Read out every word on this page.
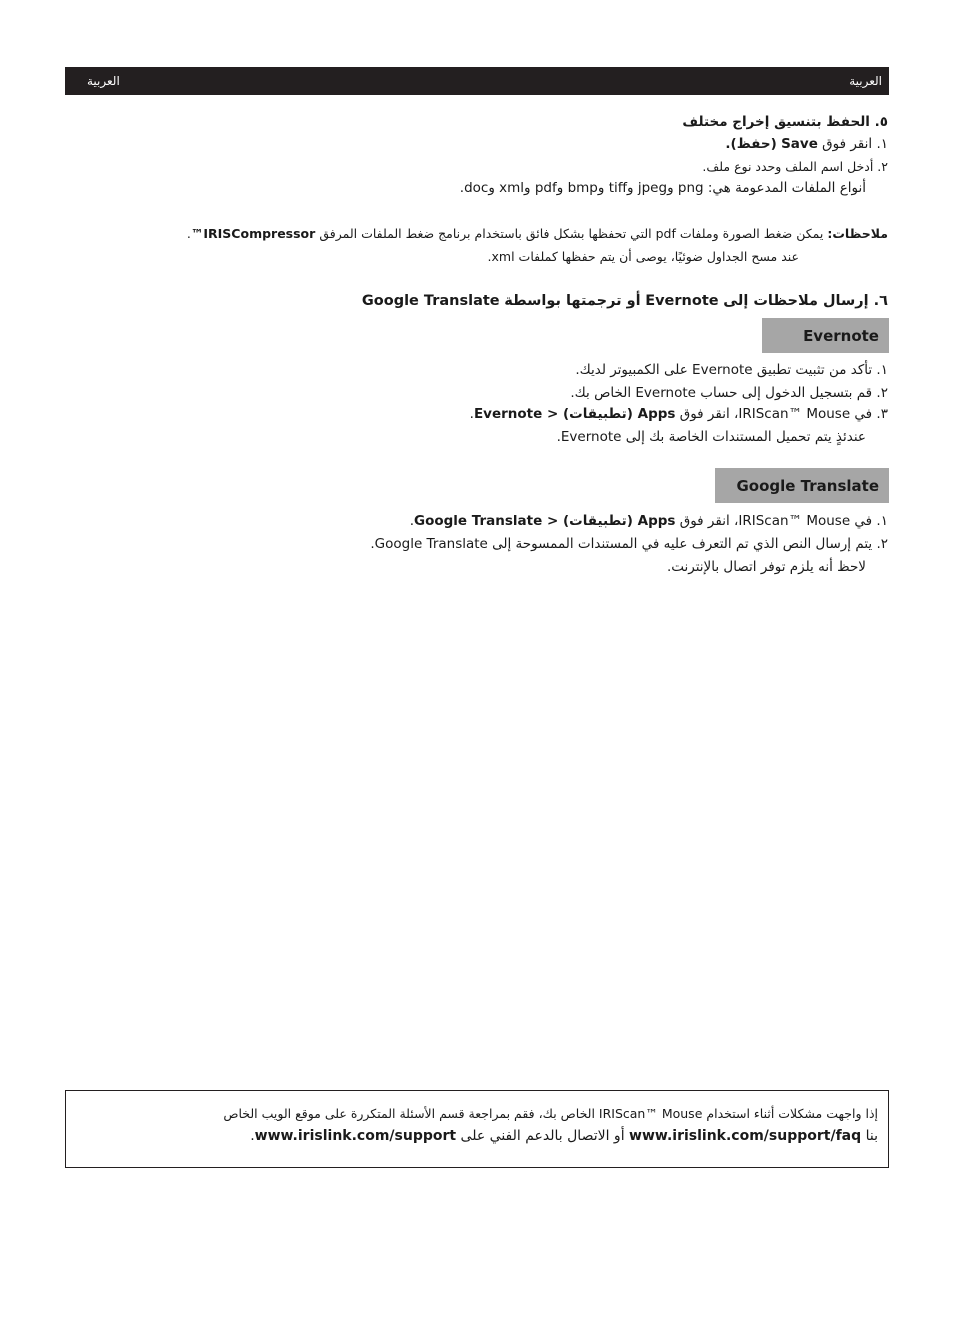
العربية	العربية
٥. الحفظ بتنسيق إخراج مختلف
١. انقر فوق Save (حفظ).
٢. أدخل اسم الملف وحدد نوع ملف.
أنواع الملفات المدعومة هي: png وjpeg وtiff وbmp وpdf وxml وdoc.
ملاحظات: يمكن ضغط الصورة وملفات pdf التي تحفظها بشكل فائق باستخدام برنامج ضغط الملفات المرفق IRISCompressor™.
عند مسح الجداول ضوئيًا، يوصى أن يتم حفظها كملفات xml.
٦. إرسال ملاحظات إلى Evernote أو ترجمتها بواسطة Google Translate
Evernote
١. تأكد من تثبيت تطبيق Evernote على الكمبيوتر لديك.
٢. قم بتسجيل الدخول إلى حساب Evernote الخاص بك.
٣. في IRIScan™ Mouse، انقر فوق Apps (تطبيقات) < Evernote.
عندئذٍ يتم تحميل المستندات الخاصة بك إلى Evernote.
Google Translate
١. في IRIScan™ Mouse، انقر فوق Apps (تطبيقات) < Google Translate.
٢. يتم إرسال النص الذي تم التعرف عليه في المستندات الممسوحة إلى Google Translate.
لاحظ أنه يلزم توفر اتصال بالإنترنت.
إذا واجهت مشكلات أثناء استخدام IRIScan™ Mouse الخاص بك، فقم بمراجعة قسم الأسئلة المتكررة على موقع الويب الخاص
بنا www.irislink.com/support/faq أو الاتصال بالدعم الفني على www.irislink.com/support.
